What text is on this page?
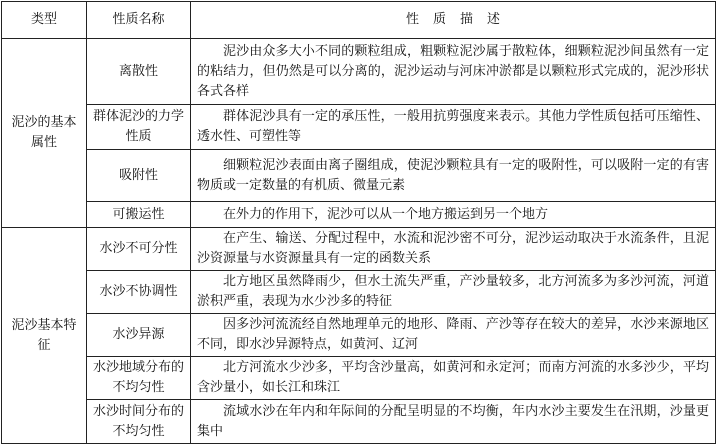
类型	性质名称	性质描述
泥沙的基本属性	离散性	泥沙由众多大小不同的颗粒组成，粗颗粒泥沙属于散粒体，细颗粒泥沙间虽然有一定的粘结力，但仍然是可以分离的，泥沙运动与河床冲淤都是以颗粒形式完成的，泥沙形状各式各样
	群体泥沙的力学性质	群体泥沙具有一定的承压性，一般用抗剪强度来表示。其他力学性质包括可压缩性、透水性、可塑性等
	吸附性	细颗粒泥沙表面由离子圈组成，使泥沙颗粒具有一定的吸附性，可以吸附一定的有害物质或一定数量的有机质、微量元素
	可搬运性	在外力的作用下，泥沙可以从一个地方搬运到另一个地方
泥沙基本特征	水沙不可分性	在产生、输送、分配过程中，水流和泥沙密不可分，泥沙运动取决于水流条件，且泥沙资源量与水资源量具有一定的函数关系
	水沙不协调性	北方地区虽然降雨少，但水土流失严重，产沙量较多，北方河流多为多沙河流，河道淤积严重，表现为水少沙多的特征
	水沙异源	因多沙河流流经自然地理单元的地形、降雨、产沙等存在较大的差异，水沙来源地区不同，即水沙异源特点，如黄河、辽河
	水沙地域分布的不均匀性	北方河流水少沙多，平均含沙量高，如黄河和永定河；而南方河流的水多沙少，平均含沙量小，如长江和珠江
	水沙时间分布的不均匀性	流域水沙在年内和年际间的分配呈明显的不均衡，年内水沙主要发生在汛期，沙量更集中
